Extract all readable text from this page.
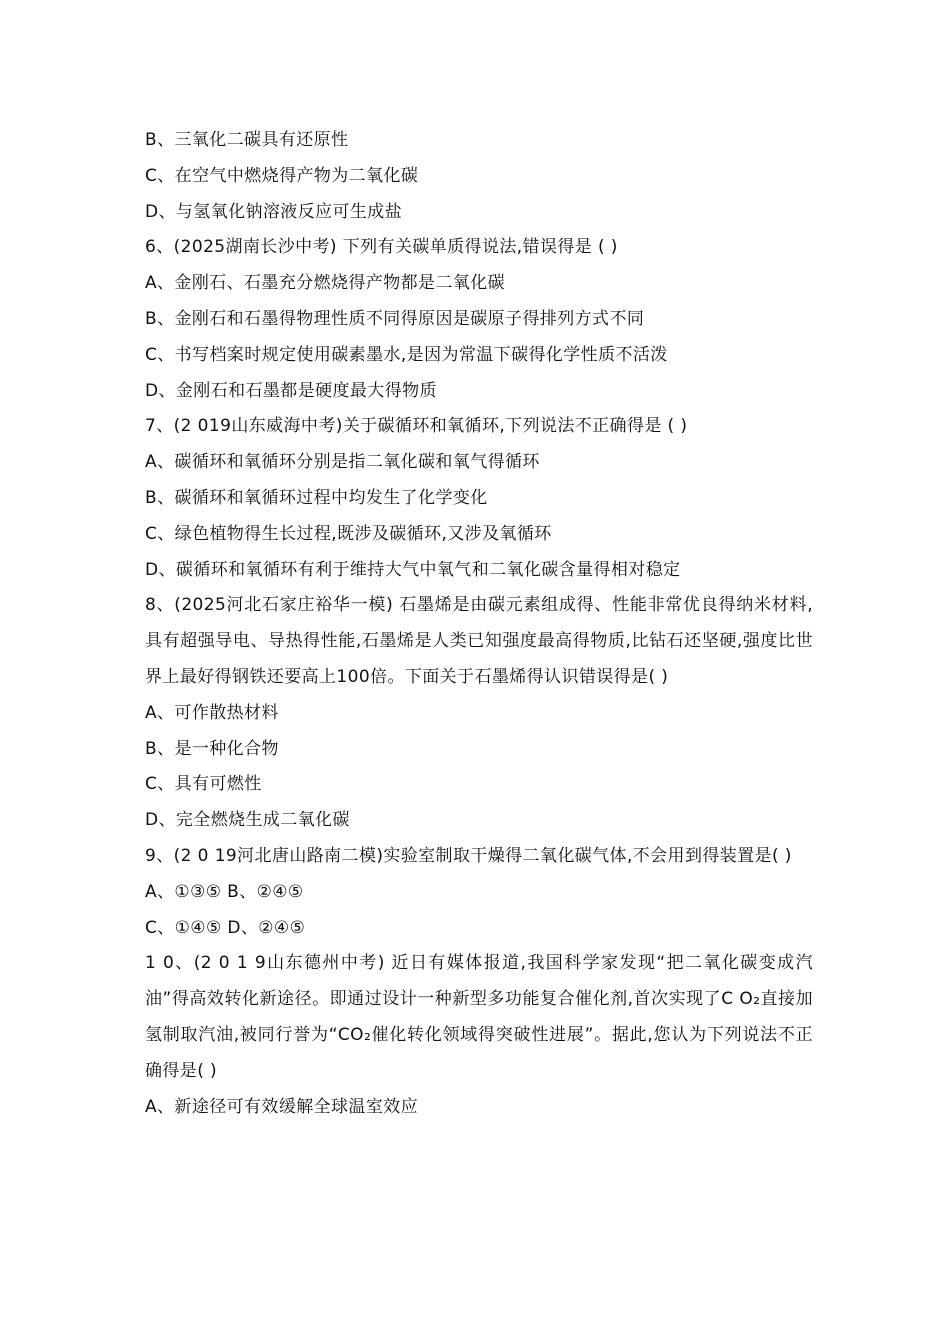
B、三氧化二碳具有还原性
C、在空气中燃烧得产物为二氧化碳
D、与氢氧化钠溶液反应可生成盐
6、(2025湖南长沙中考) 下列有关碳单质得说法,错误得是 ( )
A、金刚石、石墨充分燃烧得产物都是二氧化碳
B、金刚石和石墨得物理性质不同得原因是碳原子得排列方式不同
C、书写档案时规定使用碳素墨水,是因为常温下碳得化学性质不活泼
D、金刚石和石墨都是硬度最大得物质
7、(2 019山东威海中考)关于碳循环和氧循环,下列说法不正确得是 ( )
A、碳循环和氧循环分别是指二氧化碳和氧气得循环
B、碳循环和氧循环过程中均发生了化学变化
C、绿色植物得生长过程,既涉及碳循环,又涉及氧循环
D、碳循环和氧循环有利于维持大气中氧气和二氧化碳含量得相对稳定
8、(2025河北石家庄裕华一模) 石墨烯是由碳元素组成得、性能非常优良得纳米材料,具有超强导电、导热得性能,石墨烯是人类已知强度最高得物质,比钻石还坚硬,强度比世界上最好得钢铁还要高上100倍。下面关于石墨烯得认识错误得是( )
A、可作散热材料
B、是一种化合物
C、具有可燃性
D、完全燃烧生成二氧化碳
9、(2 0 19河北唐山路南二模)实验室制取干燥得二氧化碳气体,不会用到得装置是( )
A、①③⑤ B、②④⑤
C、①④⑤ D、②④⑤
1 0、(2 0 1 9山东德州中考) 近日有媒体报道,我国科学家发现“把二氧化碳变成汽油”得高效转化新途径。即通过设计一种新型多功能复合催化剂,首次实现了C O₂直接加氢制取汽油,被同行誉为“CO₂催化转化领域得突破性进展”。据此,您认为下列说法不正确得是( )
A、新途径可有效缓解全球温室效应
